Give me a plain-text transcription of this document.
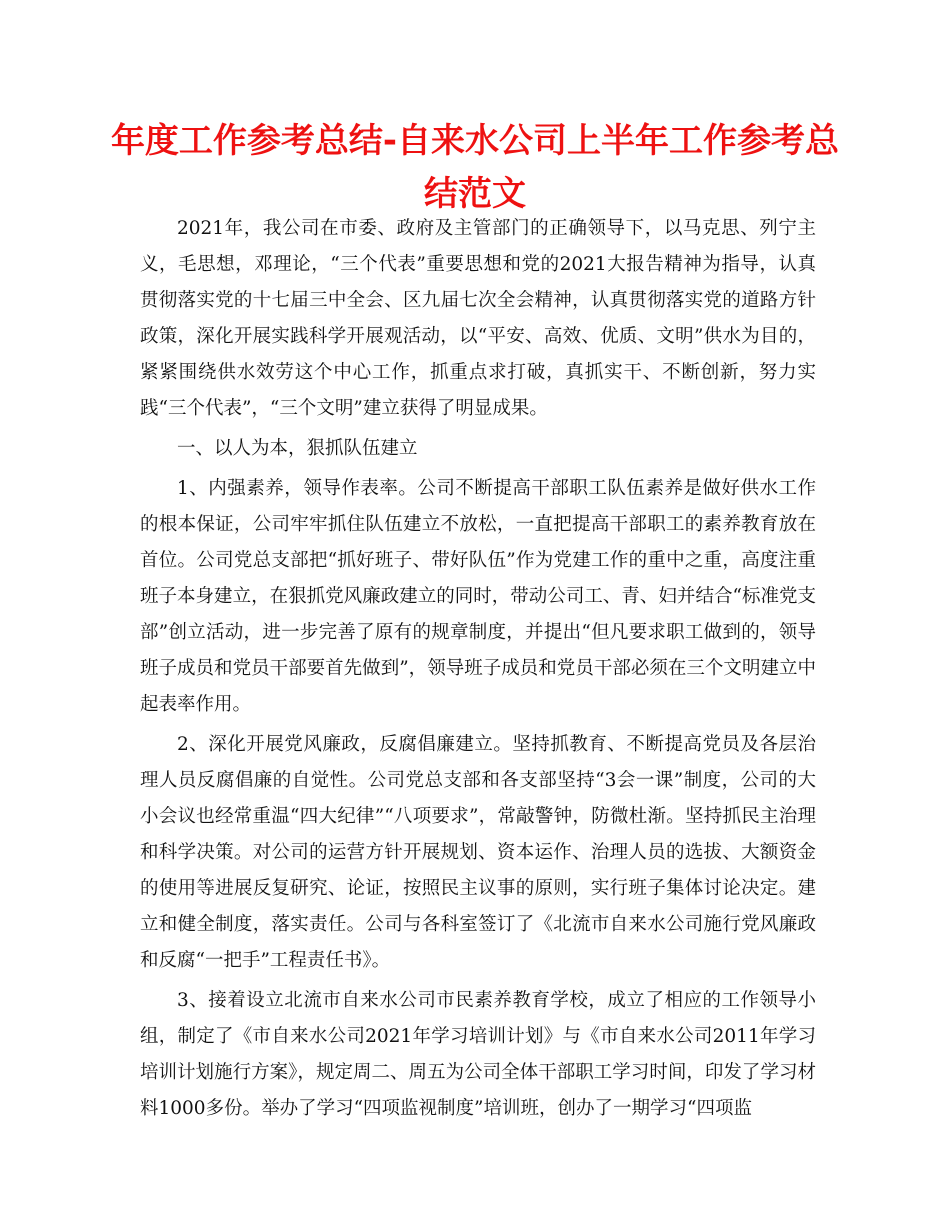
年度工作参考总结-自来水公司上半年工作参考总结范文

2021年，我公司在市委、政府及主管部门的正确领导下，以马克思、列宁主义，毛思想，邓理论，“三个代表”重要思想和党的2021大报告精神为指导，认真贯彻落实党的十七届三中全会、区九届七次全会精神，认真贯彻落实党的道路方针政策，深化开展实践科学开展观活动，以“平安、高效、优质、文明”供水为目的，紧紧围绕供水效劳这个中心工作，抓重点求打破，真抓实干、不断创新，努力实践“三个代表”，“三个文明”建立获得了明显成果。

一、以人为本，狠抓队伍建立

1、内强素养，领导作表率。公司不断提高干部职工队伍素养是做好供水工作的根本保证，公司牢牢抓住队伍建立不放松，一直把提高干部职工的素养教育放在首位。公司党总支部把“抓好班子、带好队伍”作为党建工作的重中之重，高度注重班子本身建立，在狠抓党风廉政建立的同时，带动公司工、青、妇并结合“标准党支部”创立活动，进一步完善了原有的规章制度，并提出“但凡要求职工做到的，领导班子成员和党员干部要首先做到”，领导班子成员和党员干部必须在三个文明建立中起表率作用。

2、深化开展党风廉政，反腐倡廉建立。坚持抓教育、不断提高党员及各层治理人员反腐倡廉的自觉性。公司党总支部和各支部坚持“3会一课”制度，公司的大小会议也经常重温“四大纪律”“八项要求”，常敲警钟，防微杜渐。坚持抓民主治理和科学决策。对公司的运营方针开展规划、资本运作、治理人员的选拔、大额资金的使用等进展反复研究、论证，按照民主议事的原则，实行班子集体讨论决定。建立和健全制度，落实责任。公司与各科室签订了《北流市自来水公司施行党风廉政和反腐“一把手”工程责任书》。

3、接着设立北流市自来水公司市民素养教育学校，成立了相应的工作领导小组，制定了《市自来水公司2021年学习培训计划》与《市自来水公司2011年学习培训计划施行方案》，规定周二、周五为公司全体干部职工学习时间，印发了学习材料1000多份。举办了学习“四项监视制度”培训班，创办了一期学习“四项监
